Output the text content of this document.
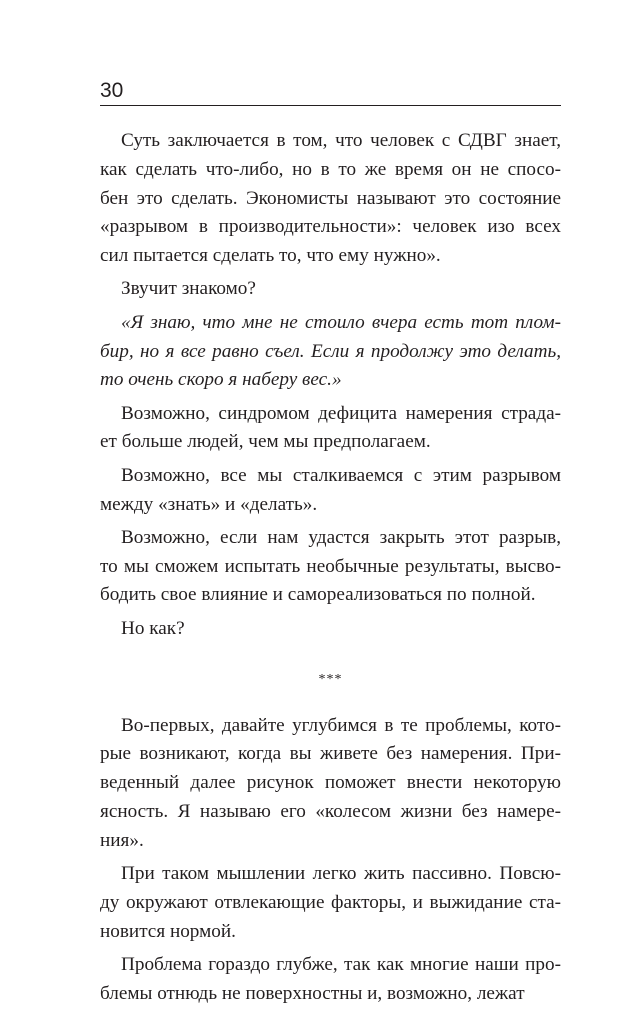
30

Суть заключается в том, что человек с СДВГ знает,
как сделать что-либо, но в то же время он не спосо-
бен это сделать. Экономисты называют это состояние
«разрывом в производительности»: человек изо всех
сил пытается сделать то, что ему нужно».

Звучит знакомо?

«Я знаю, что мне не стоило вчера есть тот плом-
бир, но я все равно съел. Если я продолжу это делать,
то очень скоро я наберу вес.»

Возможно, синдромом дефицита намерения страда-
ет больше людей, чем мы предполагаем.

Возможно, все мы сталкиваемся с этим разрывом
между «знать» и «делать».

Возможно, если нам удастся закрыть этот разрыв,
то мы сможем испытать необычные результаты, высво-
бодить свое влияние и самореализоваться по полной.

Но как?

***

Во-первых, давайте углубимся в те проблемы, кото-
рые возникают, когда вы живете без намерения. При-
веденный далее рисунок поможет внести некоторую
ясность. Я называю его «колесом жизни без намере-
ния».

При таком мышлении легко жить пассивно. Повсю-
ду окружают отвлекающие факторы, и выжидание ста-
новится нормой.

Проблема гораздо глубже, так как многие наши про-
блемы отнюдь не поверхностны и, возможно, лежат
